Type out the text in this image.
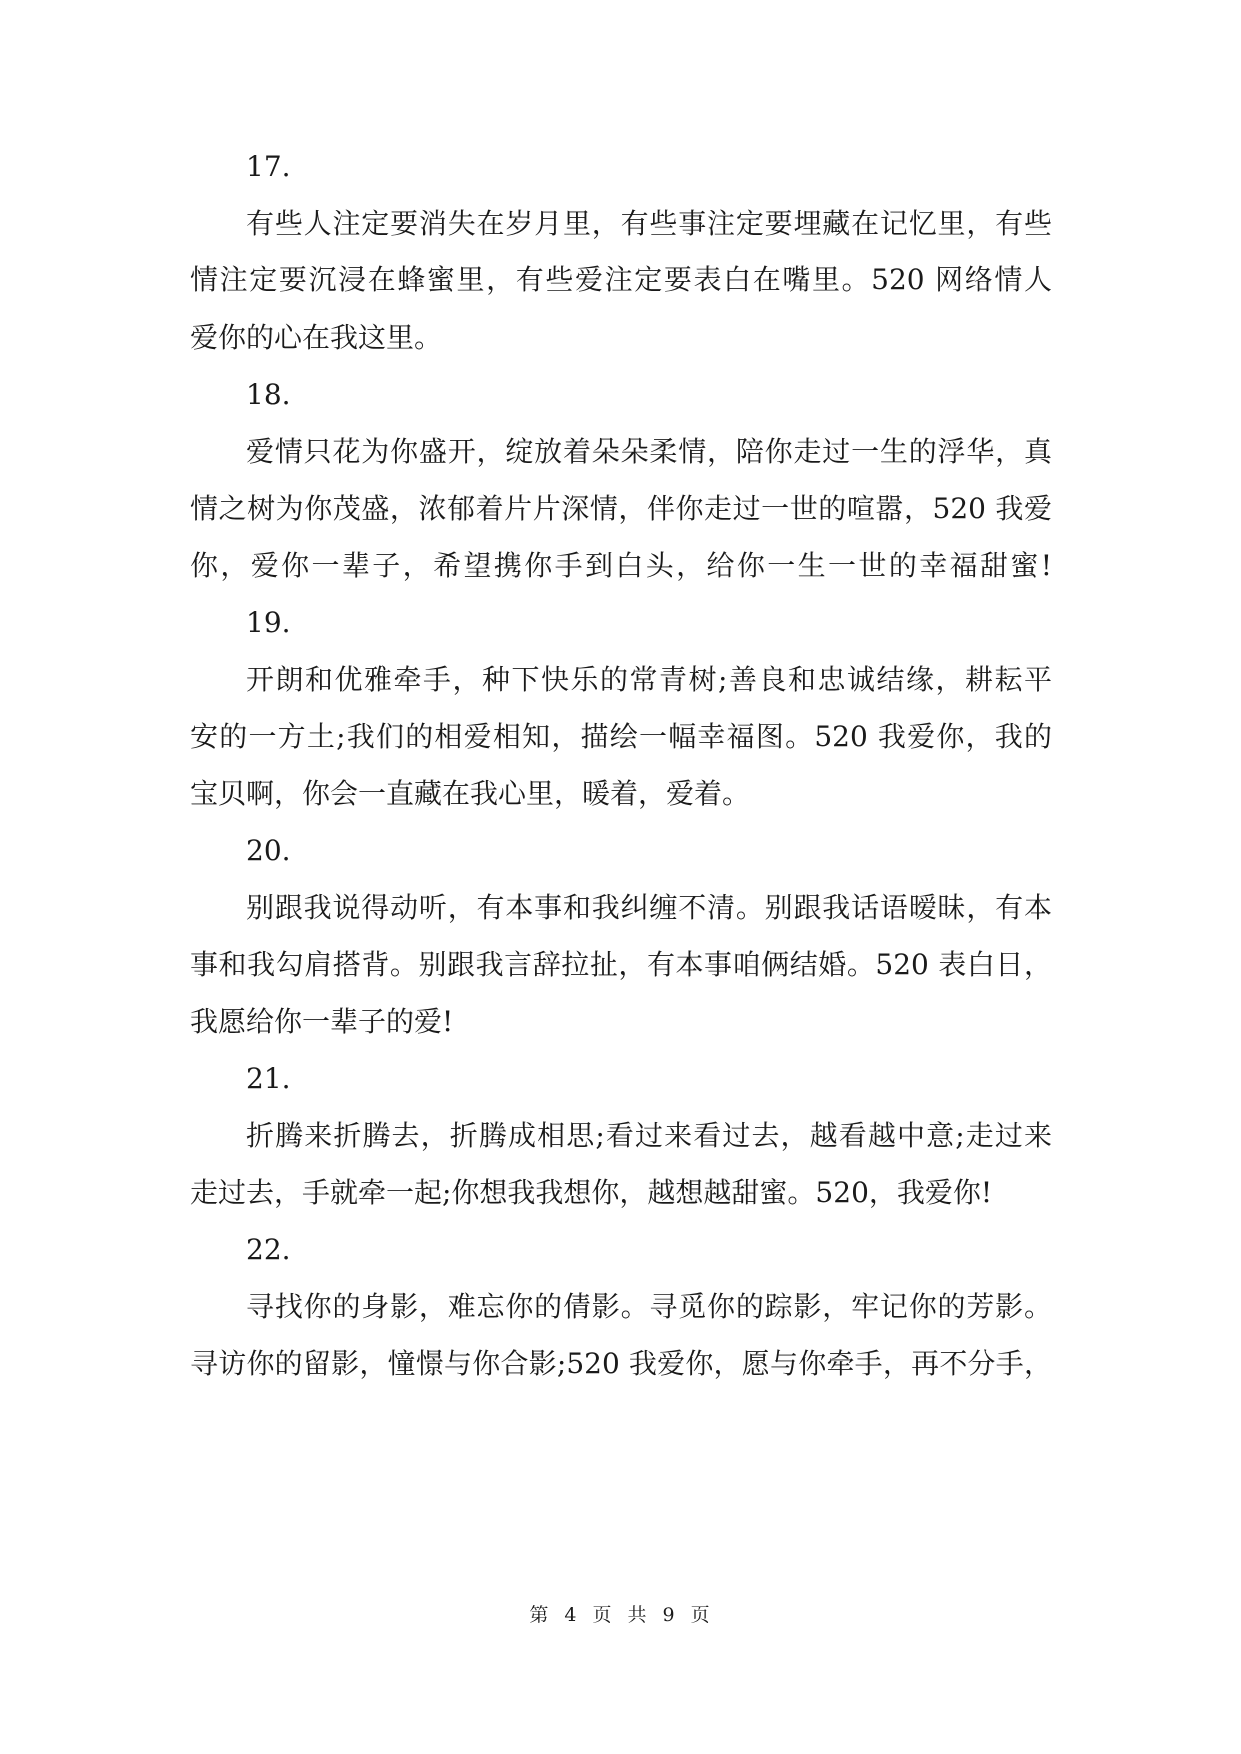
17.
有些人注定要消失在岁月里，有些事注定要埋藏在记忆里，有些
情注定要沉浸在蜂蜜里，有些爱注定要表白在嘴里。520 网络情人
爱你的心在我这里。
18.
爱情只花为你盛开，绽放着朵朵柔情，陪你走过一生的浮华，真
情之树为你茂盛，浓郁着片片深情，伴你走过一世的喧嚣，520 我爱
你，爱你一辈子，希望携你手到白头，给你一生一世的幸福甜蜜!
19.
开朗和优雅牵手，种下快乐的常青树;善良和忠诚结缘，耕耘平
安的一方土;我们的相爱相知，描绘一幅幸福图。520 我爱你，我的
宝贝啊，你会一直藏在我心里，暖着，爱着。
20.
别跟我说得动听，有本事和我纠缠不清。别跟我话语暧昧，有本
事和我勾肩搭背。别跟我言辞拉扯，有本事咱俩结婚。520 表白日，
我愿给你一辈子的爱!
21.
折腾来折腾去，折腾成相思;看过来看过去，越看越中意;走过来
走过去，手就牵一起;你想我我想你，越想越甜蜜。520，我爱你!
22.
寻找你的身影，难忘你的倩影。寻觅你的踪影，牢记你的芳影。
寻访你的留影，憧憬与你合影;520 我爱你，愿与你牵手，再不分手，
第 4 页 共 9 页
